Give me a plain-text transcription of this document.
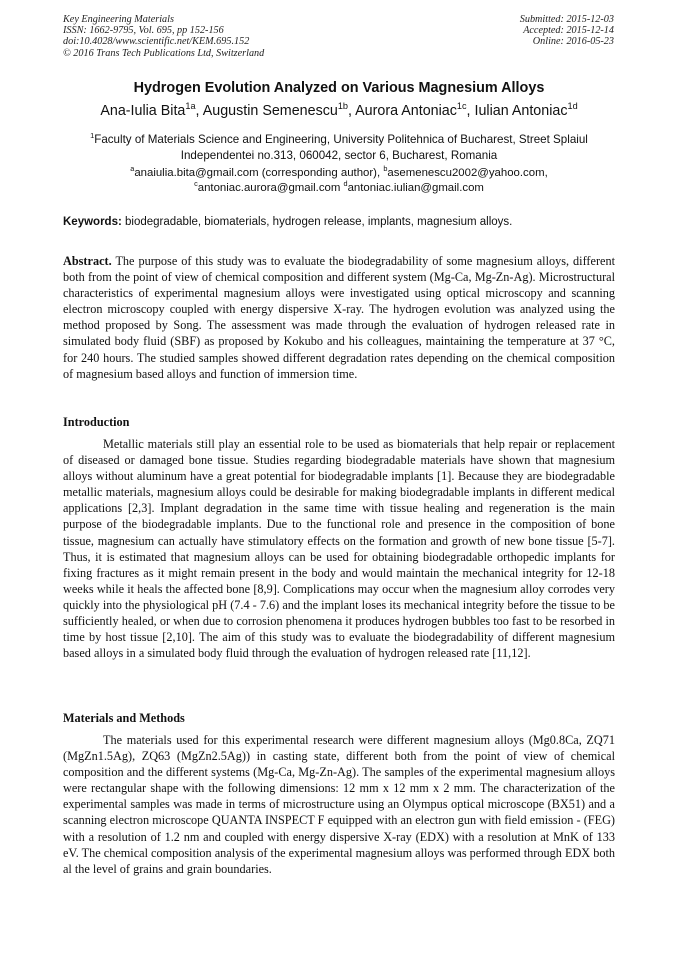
Key Engineering Materials
ISSN: 1662-9795, Vol. 695, pp 152-156
doi:10.4028/www.scientific.net/KEM.695.152
© 2016 Trans Tech Publications Ltd, Switzerland
Submitted: 2015-12-03
Accepted: 2015-12-14
Online: 2016-05-23
Hydrogen Evolution Analyzed on Various Magnesium Alloys
Ana-Iulia Bita$^{1a}$, Augustin Semenescu$^{1b}$, Aurora Antoniac$^{1c}$, Iulian Antoniac$^{1d}$
$^1$Faculty of Materials Science and Engineering, University Politehnica of Bucharest, Street Splaiul Independentei no.313, 060042, sector 6, Bucharest, Romania
$^a$anaiulia.bita@gmail.com (corresponding author), $^b$asemenescu2002@yahoo.com,
$^c$antoniac.aurora@gmail.com $^d$antoniac.iulian@gmail.com
Keywords: biodegradable, biomaterials, hydrogen release, implants, magnesium alloys.
Abstract. The purpose of this study was to evaluate the biodegradability of some magnesium alloys, different both from the point of view of chemical composition and different system (Mg-Ca, Mg-Zn-Ag). Microstructural characteristics of experimental magnesium alloys were investigated using optical microscopy and scanning electron microscopy coupled with energy dispersive X-ray. The hydrogen evolution was analyzed using the method proposed by Song. The assessment was made through the evaluation of hydrogen released rate in simulated body fluid (SBF) as proposed by Kokubo and his colleagues, maintaining the temperature at 37 °C, for 240 hours. The studied samples showed different degradation rates depending on the chemical composition of magnesium based alloys and function of immersion time.
Introduction
Metallic materials still play an essential role to be used as biomaterials that help repair or replacement of diseased or damaged bone tissue. Studies regarding biodegradable materials have shown that magnesium alloys without aluminum have a great potential for biodegradable implants [1]. Because they are biodegradable metallic materials, magnesium alloys could be desirable for making biodegradable implants in different medical applications [2,3]. Implant degradation in the same time with tissue healing and regeneration is the main purpose of the biodegradable implants. Due to the functional role and presence in the composition of bone tissue, magnesium can actually have stimulatory effects on the formation and growth of new bone tissue [5-7]. Thus, it is estimated that magnesium alloys can be used for obtaining biodegradable orthopedic implants for fixing fractures as it might remain present in the body and would maintain the mechanical integrity for 12-18 weeks while it heals the affected bone [8,9]. Complications may occur when the magnesium alloy corrodes very quickly into the physiological pH (7.4 - 7.6) and the implant loses its mechanical integrity before the tissue to be sufficiently healed, or when due to corrosion phenomena it produces hydrogen bubbles too fast to be resorbed in time by host tissue [2,10]. The aim of this study was to evaluate the biodegradability of different magnesium based alloys in a simulated body fluid through the evaluation of hydrogen released rate [11,12].
Materials and Methods
The materials used for this experimental research were different magnesium alloys (Mg0.8Ca, ZQ71 (MgZn1.5Ag), ZQ63 (MgZn2.5Ag)) in casting state, different both from the point of view of chemical composition and the different systems (Mg-Ca, Mg-Zn-Ag). The samples of the experimental magnesium alloys were rectangular shape with the following dimensions: 12 mm x 12 mm x 2 mm. The characterization of the experimental samples was made in terms of microstructure using an Olympus optical microscope (BX51) and a scanning electron microscope QUANTA INSPECT F equipped with an electron gun with field emission - (FEG) with a resolution of 1.2 nm and coupled with energy dispersive X-ray (EDX) with a resolution at MnK of 133 eV. The chemical composition analysis of the experimental magnesium alloys was performed through EDX both al the level of grains and grain boundaries.
